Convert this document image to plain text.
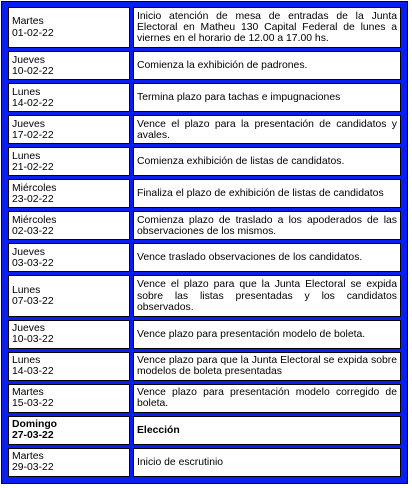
Martes
01-02-22	Inicio atención de mesa de entradas de la Junta Electoral en Matheu 130 Capital Federal de lunes a viernes en el horario de 12.00 a 17.00 hs.

Jueves
10-02-22	Comienza la exhibición de padrones.

Lunes
14-02-22	Termina plazo para tachas e impugnaciones

Jueves
17-02-22	Vence el plazo para la presentación de candidatos y avales.

Lunes
21-02-22	Comienza exhibición de listas de candidatos.

Miércoles
23-02-22	Finaliza el plazo de exhibición de listas de candidatos

Miércoles
02-03-22	Comienza plazo de traslado a los apoderados de las observaciones de los mismos.

Jueves
03-03-22	Vence traslado observaciones de los candidatos.

Lunes
07-03-22	Vence el plazo para que la Junta Electoral se expida sobre las listas presentadas y los candidatos observados.

Jueves
10-03-22	Vence plazo para presentación modelo de boleta.

Lunes
14-03-22	Vence plazo para que la Junta Electoral se expida sobre modelos de boleta presentadas

Martes
15-03-22	Vence plazo para presentación modelo corregido de boleta.

Domingo
27-03-22	Elección

Martes
29-03-22	Inicio de escrutinio
